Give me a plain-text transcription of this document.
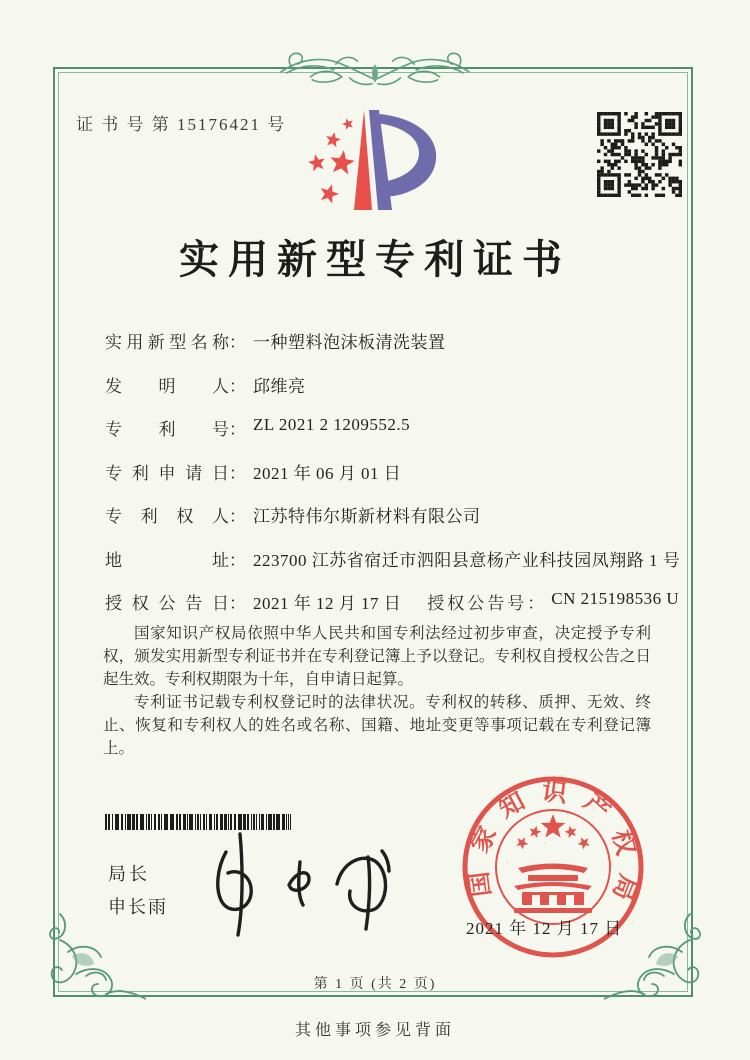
证 书 号 第 15176421 号
实用新型专利证书
实用新型名称 ： 一种塑料泡沫板清洗装置
发明人 ： 邱维亮
专利号 ： ZL 2021 2 1209552.5
专利申请日 ： 2021 年 06 月 01 日
专利权人 ： 江苏特伟尔斯新材料有限公司
地址 ： 223700 江苏省宿迁市泗阳县意杨产业科技园凤翔路 1 号
授权公告日 ： 2021 年 12 月 17 日 授权公告号 ： CN 215198536 U

国家知识产权局依照中华人民共和国专利法经过初步审查，决定授予专利权，颁发实用新型专利证书并在专利登记簿上予以登记。专利权自授权公告之日起生效。专利权期限为十年，自申请日起算。

专利证书记载专利权登记时的法律状况。专利权的转移、质押、无效、终止、恢复和专利权人的姓名或名称、国籍、地址变更等事项记载在专利登记簿上。

局长
申长雨
国家知识产权局
2021 年 12 月 17 日
第 1 页 (共 2 页)
其他事项参见背面
